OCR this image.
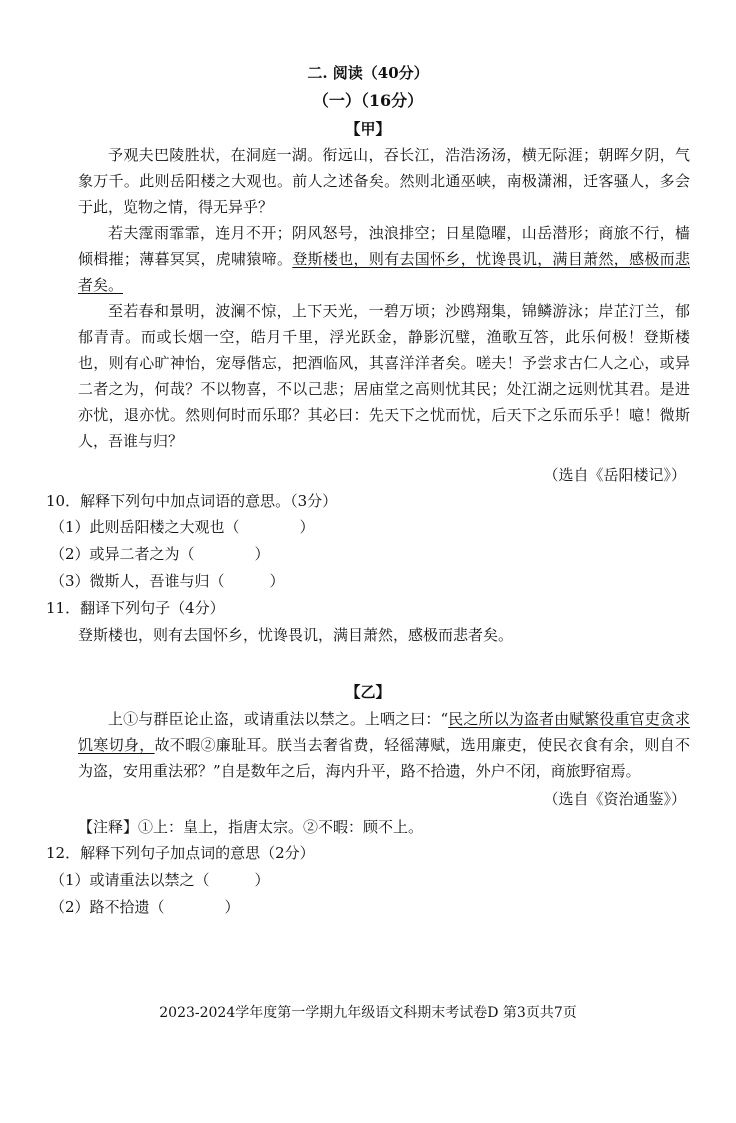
二. 阅读（40分）
（一）（16分）
【甲】

予观夫巴陵胜状，在洞庭一湖。衔远山，吞长江，浩浩汤汤，横无际涯；朝晖夕阴，气象万千。此则岳阳楼之大观也。前人之述备矣。然则北通巫峡，南极潇湘，迁客骚人，多会于此，览物之情，得无异乎？

若夫霪雨霏霏，连月不开；阴风怒号，浊浪排空；日星隐曜，山岳潜形；商旅不行，樯倾楫摧；薄暮冥冥，虎啸猿啼。登斯楼也，则有去国怀乡，忧谗畏讥，满目萧然，感极而悲者矣。

至若春和景明，波澜不惊，上下天光，一碧万顷；沙鸥翔集，锦鳞游泳；岸芷汀兰，郁郁青青。而或长烟一空，皓月千里，浮光跃金，静影沉璧，渔歌互答，此乐何极！登斯楼也，则有心旷神怡，宠辱偕忘，把酒临风，其喜洋洋者矣。嗟夫！予尝求古仁人之心，或异二者之为，何哉？不以物喜，不以己悲；居庙堂之高则忧其民；处江湖之远则忧其君。是进亦忧，退亦忧。然则何时而乐耶？其必曰：先天下之忧而忧，后天下之乐而乐乎！噫！微斯人，吾谁与归？

（选自《岳阳楼记》）
10．解释下列句中加点词语的意思。（3分）
（1）此则岳阳楼之大观也（　　　　）
（2）或异二者之为（　　　　）
（3）微斯人，吾谁与归（　　　）
11．翻译下列句子（4分）
登斯楼也，则有去国怀乡，忧谗畏讥，满目萧然，感极而悲者矣。
【乙】

上①与群臣论止盗，或请重法以禁之。上哂之曰：“民之所以为盗者由赋繁役重官吏贪求饥寒切身，故不暇②廉耻耳。朕当去奢省费，轻徭薄赋，选用廉吏，使民衣食有余，则自不为盗，安用重法邪？”自是数年之后，海内升平，路不拾遗，外户不闭，商旅野宿焉。

（选自《资治通鉴》）
【注释】①上：皇上，指唐太宗。②不暇：顾不上。
12．解释下列句子加点词的意思（2分）
（1）或请重法以禁之（　　　）
（2）路不拾遗（　　　　）
2023-2024学年度第一学期九年级语文科期末考试卷D 第3页共7页
